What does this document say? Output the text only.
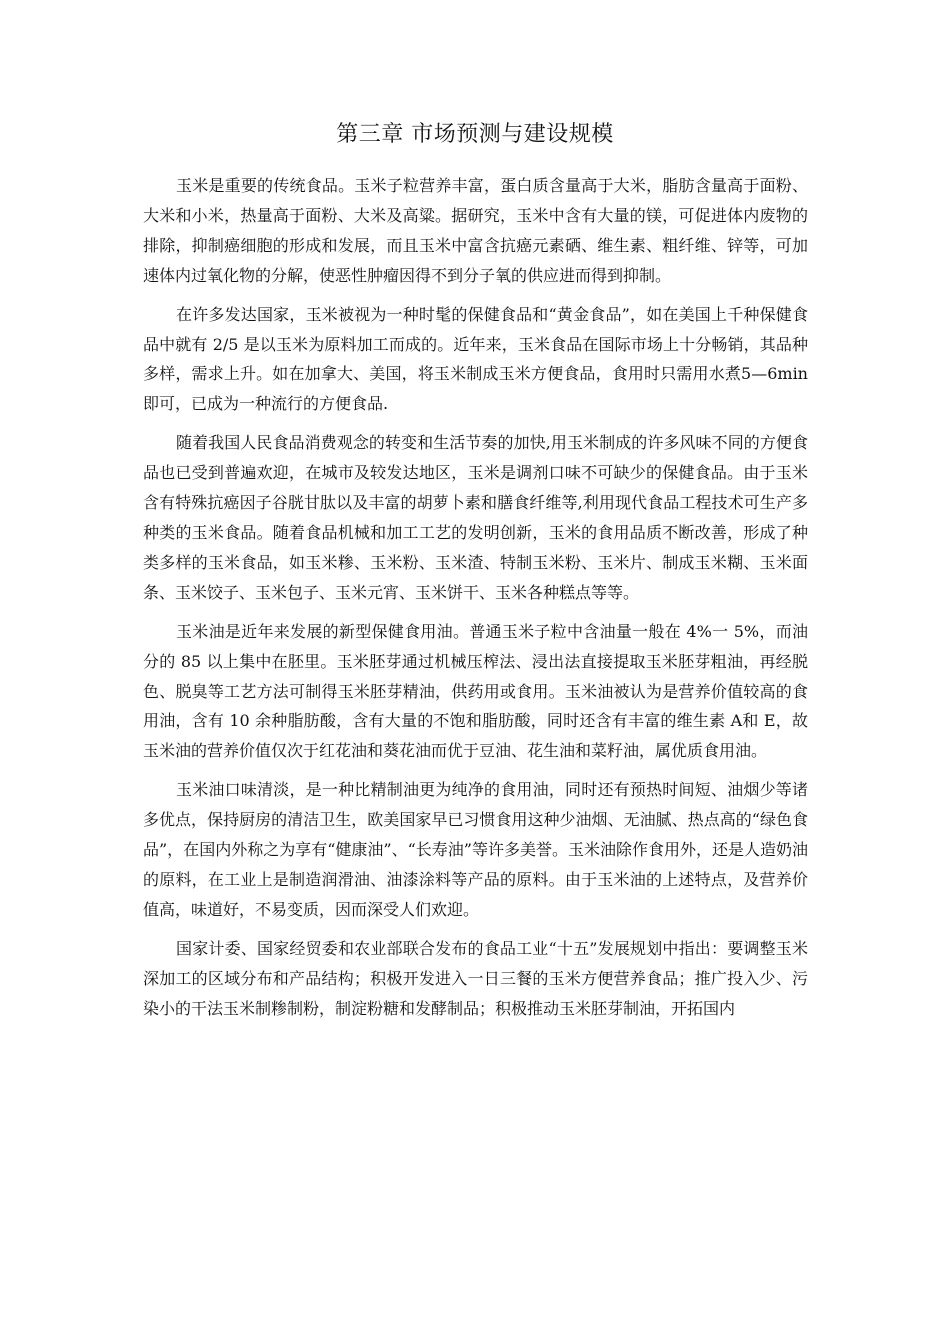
第三章 市场预测与建设规模

玉米是重要的传统食品。玉米子粒营养丰富，蛋白质含量高于大米，脂肪含量高于面粉、大米和小米，热量高于面粉、大米及高粱。据研究，玉米中含有大量的镁，可促进体内废物的排除，抑制癌细胞的形成和发展，而且玉米中富含抗癌元素硒、维生素、粗纤维、锌等，可加速体内过氧化物的分解，使恶性肿瘤因得不到分子氧的供应进而得到抑制。

在许多发达国家，玉米被视为一种时髦的保健食品和“黄金食品”，如在美国上千种保健食品中就有 2/5 是以玉米为原料加工而成的。近年来，玉米食品在国际市场上十分畅销，其品种多样，需求上升。如在加拿大、美国，将玉米制成玉米方便食品，食用时只需用水煮5—6min 即可，已成为一种流行的方便食品.

随着我国人民食品消费观念的转变和生活节奏的加快,用玉米制成的许多风味不同的方便食品也已受到普遍欢迎，在城市及较发达地区，玉米是调剂口味不可缺少的保健食品。由于玉米含有特殊抗癌因子谷胱甘肽以及丰富的胡萝卜素和膳食纤维等,利用现代食品工程技术可生产多种类的玉米食品。随着食品机械和加工工艺的发明创新，玉米的食用品质不断改善，形成了种类多样的玉米食品，如玉米糁、玉米粉、玉米渣、特制玉米粉、玉米片、制成玉米糊、玉米面条、玉米饺子、玉米包子、玉米元宵、玉米饼干、玉米各种糕点等等。

玉米油是近年来发展的新型保健食用油。普通玉米子粒中含油量一般在 4%一 5%，而油分的 85 以上集中在胚里。玉米胚芽通过机械压榨法、浸出法直接提取玉米胚芽粗油，再经脱色、脱臭等工艺方法可制得玉米胚芽精油，供药用或食用。玉米油被认为是营养价值较高的食用油，含有 10 余种脂肪酸，含有大量的不饱和脂肪酸，同时还含有丰富的维生素 A和 E，故玉米油的营养价值仅次于红花油和葵花油而优于豆油、花生油和菜籽油，属优质食用油。

玉米油口味清淡，是一种比精制油更为纯净的食用油，同时还有预热时间短、油烟少等诸多优点，保持厨房的清洁卫生，欧美国家早已习惯食用这种少油烟、无油腻、热点高的“绿色食品”，在国内外称之为享有“健康油”、“长寿油”等许多美誉。玉米油除作食用外，还是人造奶油的原料，在工业上是制造润滑油、油漆涂料等产品的原料。由于玉米油的上述特点，及营养价值高，味道好，不易变质，因而深受人们欢迎。

国家计委、国家经贸委和农业部联合发布的食品工业“十五”发展规划中指出：要调整玉米深加工的区域分布和产品结构；积极开发进入一日三餐的玉米方便营养食品；推广投入少、污染小的干法玉米制糁制粉，制淀粉糖和发酵制品；积极推动玉米胚芽制油，开拓国内
